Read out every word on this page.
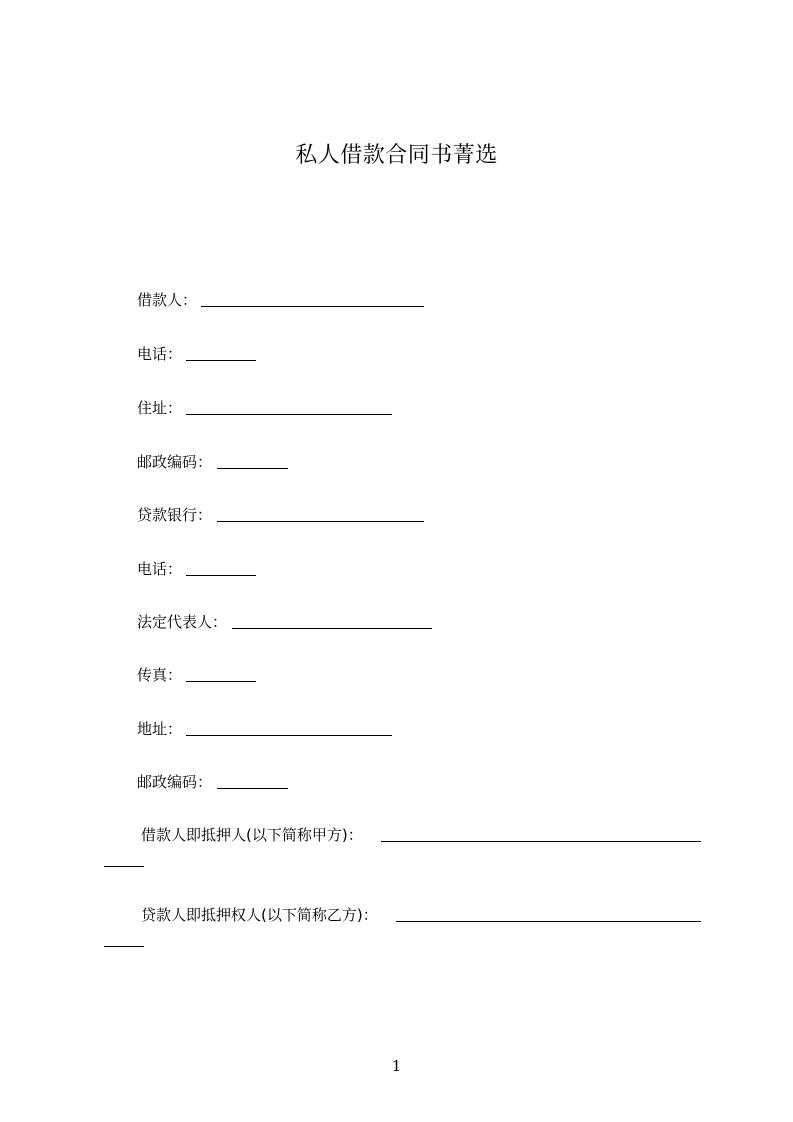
私人借款合同书菁选
借款人：
电话：
住址：
邮政编码：
贷款银行：
电话：
法定代表人：
传真：
地址：
邮政编码：
借款人即抵押人(以下简称甲方)：
贷款人即抵押权人(以下简称乙方)：
1
